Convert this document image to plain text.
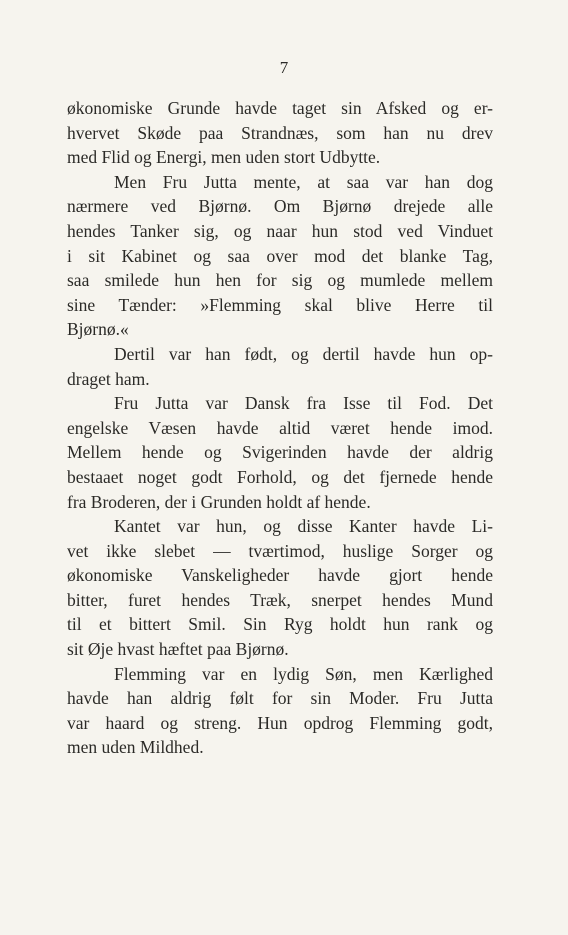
7
økonomiske Grunde havde taget sin Afsked og er-
hvervet Skøde paa Strandnæs, som han nu drev
med Flid og Energi, men uden stort Udbytte.
Men Fru Jutta mente, at saa var han dog
nærmere ved Bjørnø. Om Bjørnø drejede alle
hendes Tanker sig, og naar hun stod ved Vinduet
i sit Kabinet og saa over mod det blanke Tag,
saa smilede hun hen for sig og mumlede mellem
sine Tænder: »Flemming skal blive Herre til
Bjørnø.«
Dertil var han født, og dertil havde hun op-
draget ham.
Fru Jutta var Dansk fra Isse til Fod. Det
engelske Væsen havde altid været hende imod.
Mellem hende og Svigerinden havde der aldrig
bestaaet noget godt Forhold, og det fjernede hende
fra Broderen, der i Grunden holdt af hende.
Kantet var hun, og disse Kanter havde Li-
vet ikke slebet — tværtimod, huslige Sorger og
økonomiske Vanskeligheder havde gjort hende
bitter, furet hendes Træk, snerpet hendes Mund
til et bittert Smil. Sin Ryg holdt hun rank og
sit Øje hvast hæftet paa Bjørnø.
Flemming var en lydig Søn, men Kærlighed
havde han aldrig følt for sin Moder. Fru Jutta
var haard og streng. Hun opdrog Flemming godt,
men uden Mildhed.
